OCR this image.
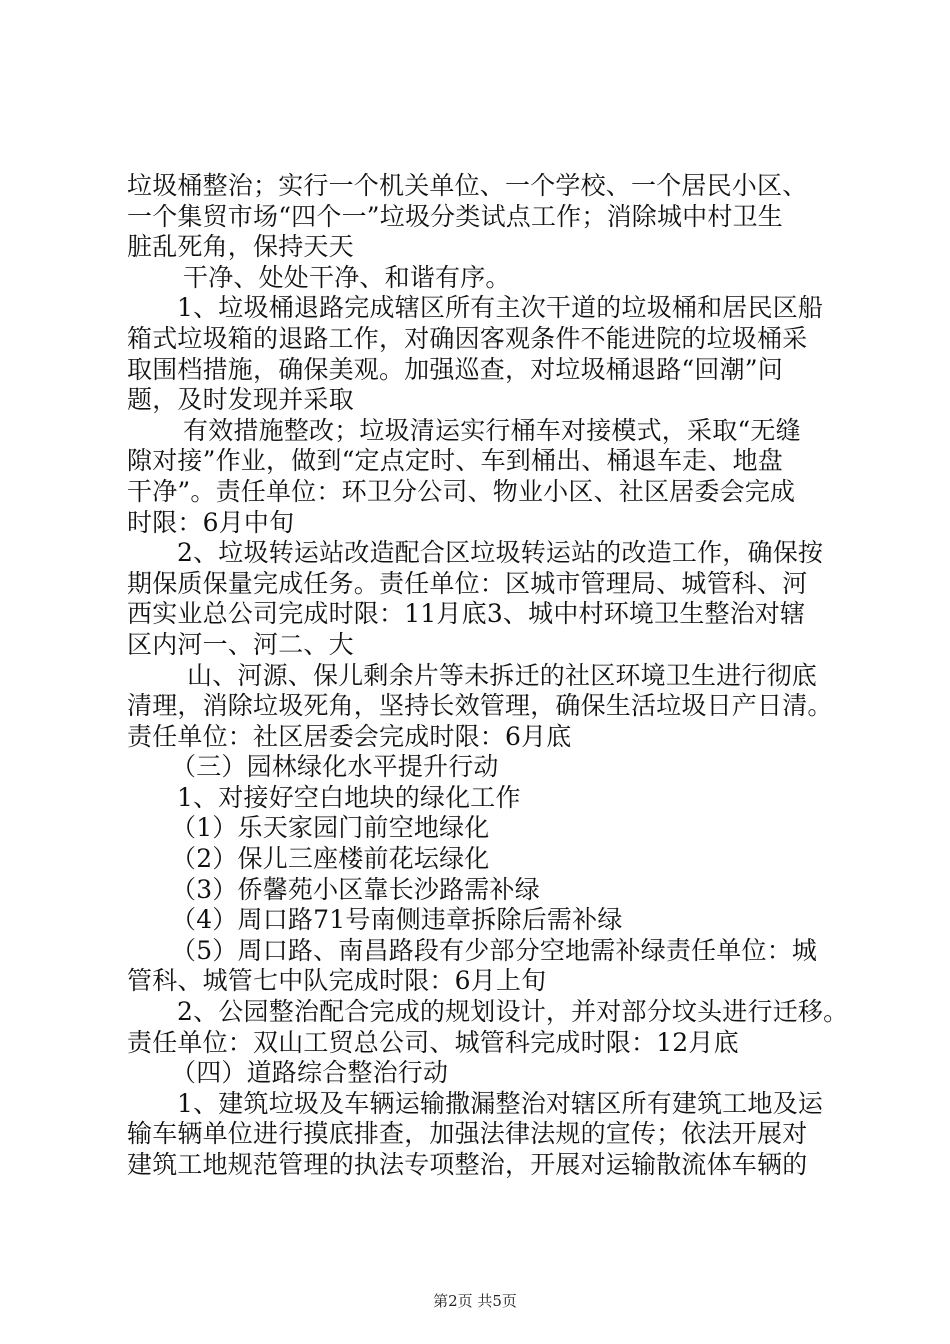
垃圾桶整治；实行一个机关单位、一个学校、一个居民小区、
一个集贸市场“四个一”垃圾分类试点工作；消除城中村卫生
脏乱死角，保持天天
干净、处处干净、和谐有序。
1、垃圾桶退路完成辖区所有主次干道的垃圾桶和居民区船
箱式垃圾箱的退路工作，对确因客观条件不能进院的垃圾桶采
取围档措施，确保美观。加强巡查，对垃圾桶退路“回潮”问
题，及时发现并采取
有效措施整改；垃圾清运实行桶车对接模式，采取“无缝
隙对接”作业，做到“定点定时、车到桶出、桶退车走、地盘
干净”。责任单位：环卫分公司、物业小区、社区居委会完成
时限：6月中旬
2、垃圾转运站改造配合区垃圾转运站的改造工作，确保按
期保质保量完成任务。责任单位：区城市管理局、城管科、河
西实业总公司完成时限：11月底3、城中村环境卫生整治对辖
区内河一、河二、大
山、河源、保儿剩余片等未拆迁的社区环境卫生进行彻底
清理，消除垃圾死角，坚持长效管理，确保生活垃圾日产日清。
责任单位：社区居委会完成时限：6月底
（三）园林绿化水平提升行动
1、对接好空白地块的绿化工作
（1）乐天家园门前空地绿化
（2）保儿三座楼前花坛绿化
（3）侨馨苑小区靠长沙路需补绿
（4）周口路71号南侧违章拆除后需补绿
（5）周口路、南昌路段有少部分空地需补绿责任单位：城
管科、城管七中队完成时限：6月上旬
2、公园整治配合完成的规划设计，并对部分坟头进行迁移。
责任单位：双山工贸总公司、城管科完成时限：12月底
（四）道路综合整治行动
1、建筑垃圾及车辆运输撒漏整治对辖区所有建筑工地及运
输车辆单位进行摸底排查，加强法律法规的宣传；依法开展对
建筑工地规范管理的执法专项整治，开展对运输散流体车辆的
第2页 共5页
